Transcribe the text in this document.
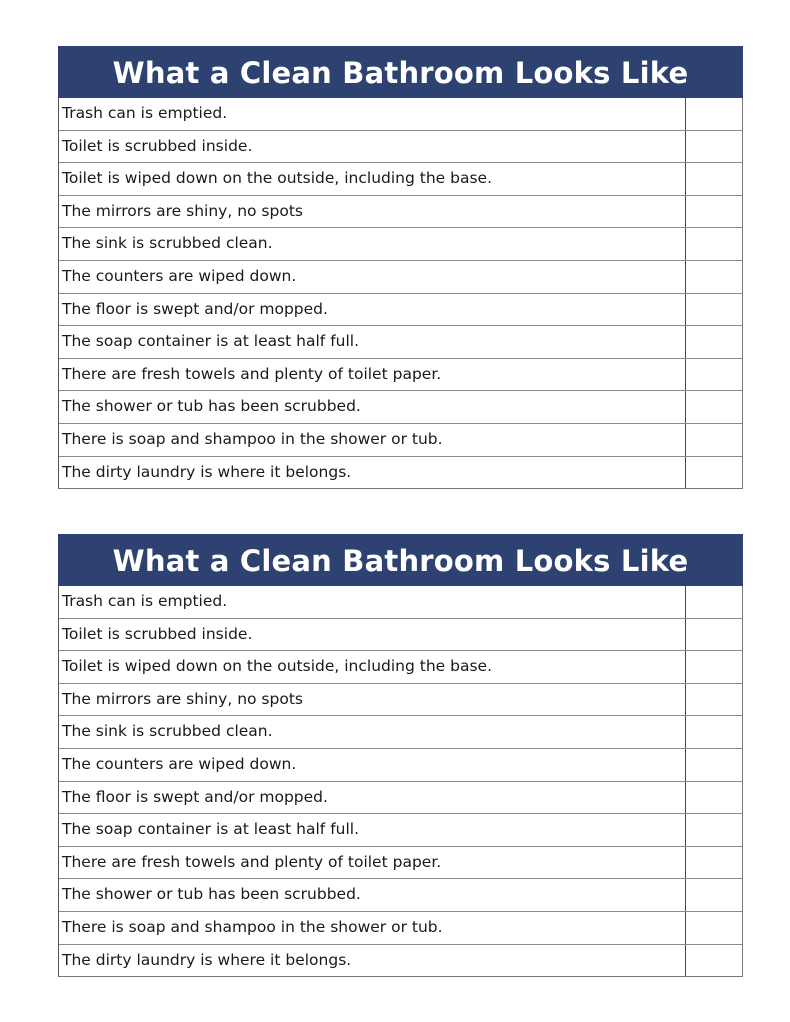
What a Clean Bathroom Looks Like
Trash can is emptied.
Toilet is scrubbed inside.
Toilet is wiped down on the outside, including the base.
The mirrors are shiny, no spots
The sink is scrubbed clean.
The counters are wiped down.
The floor is swept and/or mopped.
The soap container is at least half full.
There are fresh towels and plenty of toilet paper.
The shower or tub has been scrubbed.
There is soap and shampoo in the shower or tub.
The dirty laundry is where it belongs.
What a Clean Bathroom Looks Like
Trash can is emptied.
Toilet is scrubbed inside.
Toilet is wiped down on the outside, including the base.
The mirrors are shiny, no spots
The sink is scrubbed clean.
The counters are wiped down.
The floor is swept and/or mopped.
The soap container is at least half full.
There are fresh towels and plenty of toilet paper.
The shower or tub has been scrubbed.
There is soap and shampoo in the shower or tub.
The dirty laundry is where it belongs.
